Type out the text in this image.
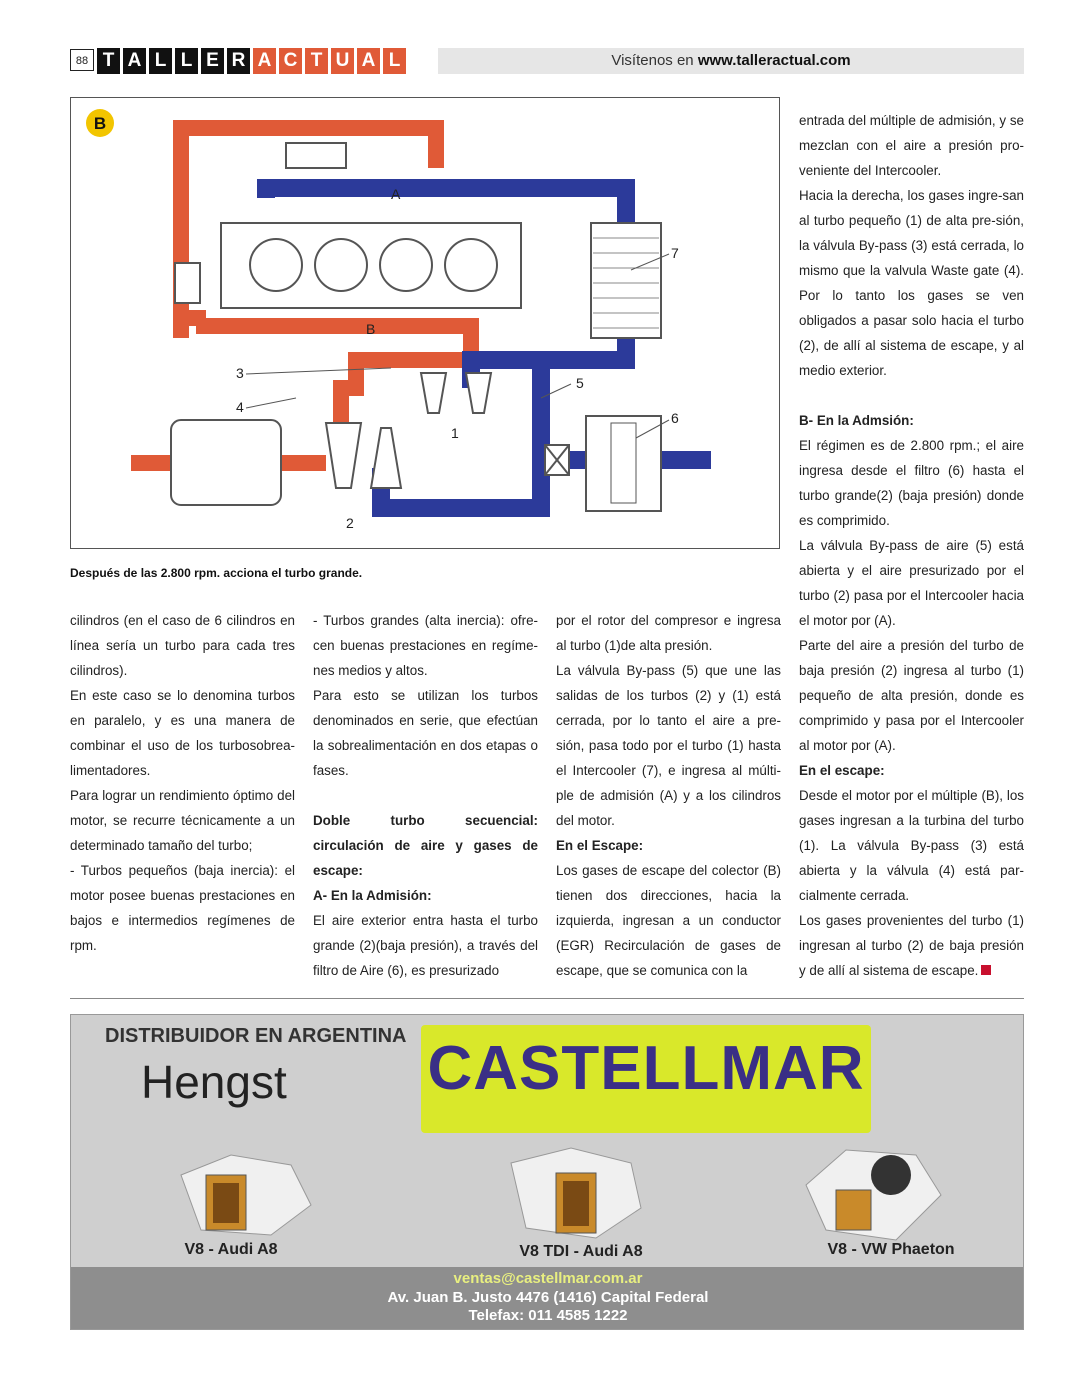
88 T A L L E R A C T U A L	Visítenos en www.talleractual.com
B
A
B
1
2
3
4
5
6
7
Después de las 2.800 rpm. acciona el turbo grande.

cilindros (en el caso de 6 cilindros en línea sería un turbo para cada tres cilindros).

En este caso se lo denomina turbos en paralelo, y es una manera de combinar el uso de los turbosobrea-limentadores.

Para lograr un rendimiento óptimo del motor, se recurre técnicamente a un determinado tamaño del turbo;

- Turbos pequeños (baja inercia): el motor posee buenas prestaciones en bajos e intermedios regímenes de rpm.

- Turbos grandes (alta inercia): ofre-cen buenas prestaciones en regíme-nes medios y altos.

Para esto se utilizan los turbos denominados en serie, que efectúan la sobrealimentación en dos etapas o fases.

Doble turbo secuencial: circulación de aire y gases de escape:

A- En la Admisión:

El aire exterior entra hasta el turbo grande (2)(baja presión), a través del filtro de Aire (6), es presurizado

por el rotor del compresor e ingresa al turbo (1)de alta presión.

La válvula By-pass (5) que une las salidas de los turbos (2) y (1) está cerrada, por lo tanto el aire a pre-sión, pasa todo por el turbo (1) hasta el Intercooler (7), e ingresa al múlti-ple de admisión (A) y a los cilindros del motor.

En el Escape:

Los gases de escape del colector (B) tienen dos direcciones, hacia la izquierda, ingresan a un conductor (EGR) Recirculación de gases de escape, que se comunica con la

entrada del múltiple de admisión, y se mezclan con el aire a presión pro-veniente del Intercooler.

Hacia la derecha, los gases ingre-san al turbo pequeño (1) de alta pre-sión, la válvula By-pass (3) está cerrada, lo mismo que la valvula Waste gate (4). Por lo tanto los gases se ven obligados a pasar solo hacia el turbo (2), de allí al sistema de escape, y al medio exterior.

B- En la Admsión:

El régimen es de 2.800 rpm.; el aire ingresa desde el filtro (6) hasta el turbo grande(2) (baja presión) donde es comprimido.

La válvula By-pass de aire (5) está abierta y el aire presurizado por el turbo (2) pasa por el Intercooler hacia el motor por (A).

Parte del aire a presión del turbo de baja presión (2) ingresa al turbo (1) pequeño de alta presión, donde es comprimido y pasa por el Intercooler al motor por (A).

En el escape:

Desde el motor por el múltiple (B), los gases ingresan a la turbina del turbo (1). La válvula By-pass (3) está abierta y la válvula (4) está par-cialmente cerrada.

Los gases provenientes del turbo (1) ingresan al turbo (2) de baja presión y de allí al sistema de escape.

DISTRIBUIDOR EN ARGENTINA
Hengst CASTELLMAR
V8 - Audi A8	V8 TDI - Audi A8	V8 - VW Phaeton
ventas@castellmar.com.ar
Av. Juan B. Justo 4476 (1416) Capital Federal
Telefax: 011 4585 1222
